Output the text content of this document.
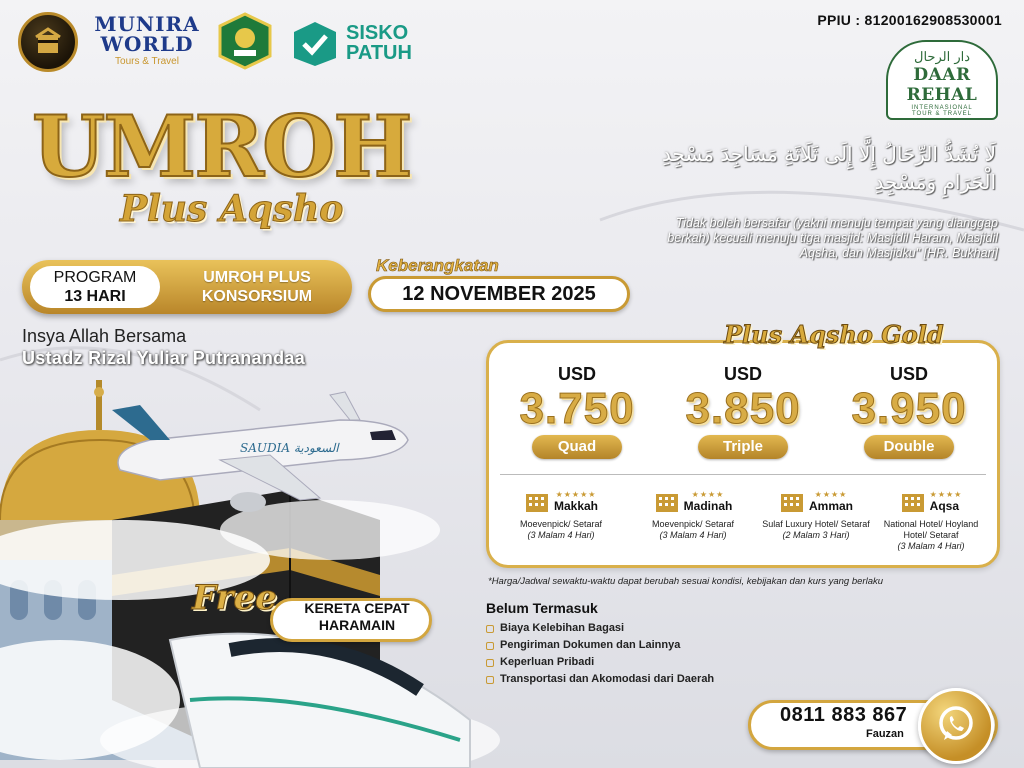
SAUDIA السعودية
MUNIRA
WORLD
Tours & Travel
SISKO
PATUH
PPIU : 81200162908530001
دار الرحال
DAAR REHAL
INTERNASIONAL
TOUR & TRAVEL
UMROH
Plus Aqsho
PROGRAM
13 HARI
UMROH PLUS
KONSORSIUM
Keberangkatan
12 NOVEMBER 2025
Insya Allah Bersama
Ustadz Rizal Yuliar Putranandaa
لَا تُشَدُّ الرِّحَالُ إِلَّا إِلَى ثَلَاثَةِ مَسَاجِدَ مَسْجِدِ الْحَرَامِ وَمَسْجِدِ
Tidak boleh bersafar (yakni menuju tempat yang dianggap berkah) kecuali menuju tiga masjid: Masjidil Haram, Masjidil Aqsha, dan Masjidku" [HR. Bukhari]
Plus Aqsho Gold
USD
3.750
Quad
USD
3.850
Triple
USD
3.950
Double
★★★★★
Makkah
Moevenpick/ Setaraf
(3 Malam 4 Hari)
★★★★
Madinah
Moevenpick/ Setaraf
(3 Malam 4 Hari)
★★★★
Amman
Sulaf Luxury Hotel/ Setaraf
(2 Malam 3 Hari)
★★★★
Aqsa
National Hotel/ Hoyland Hotel/ Setaraf
(3 Malam 4 Hari)
*Harga/Jadwal sewaktu-waktu dapat berubah sesuai kondisi, kebijakan dan kurs yang berlaku
Belum Termasuk
Biaya Kelebihan Bagasi
Pengiriman Dokumen dan Lainnya
Keperluan Pribadi
Transportasi dan Akomodasi dari Daerah
Free	KERETA CEPAT
HARAMAIN
0811 883 867
Fauzan
